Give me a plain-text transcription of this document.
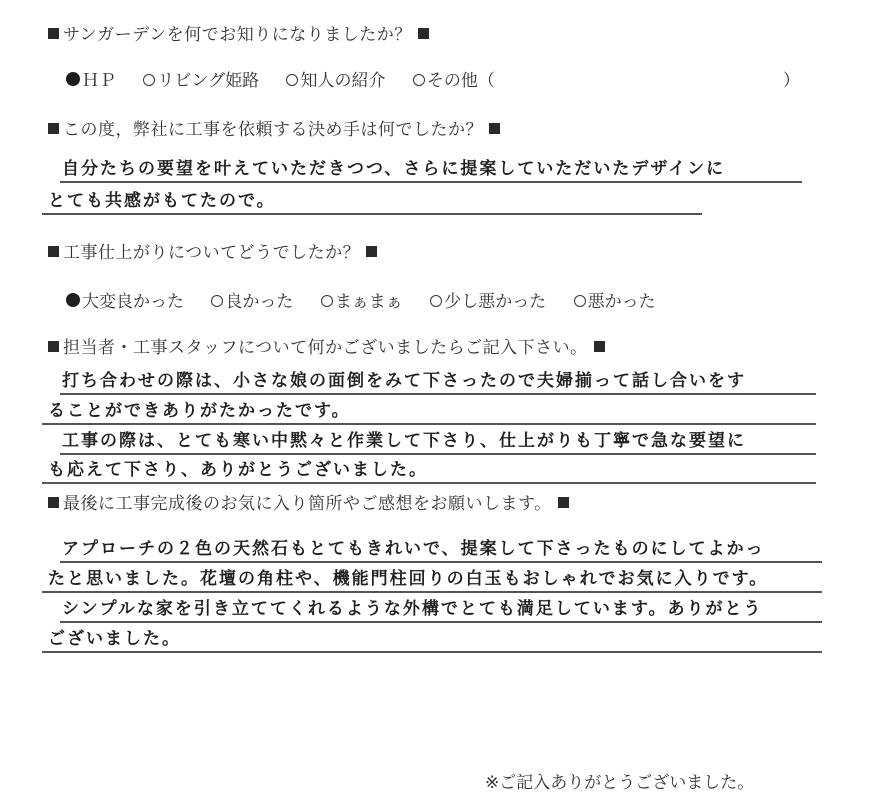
サンガーデンを何でお知りになりましたか？
ＨＰ リビング姫路 知人の紹介 その他（	）
この度，弊社に工事を依頼する決め手は何でしたか？
自分たちの要望を叶えていただきつつ、さらに提案していただいたデザインに
とても共感がもてたので。
工事仕上がりについてどうでしたか？
大変良かった 良かった まぁまぁ 少し悪かった 悪かった
担当者・工事スタッフについて何かございましたらご記入下さい。
打ち合わせの際は、小さな娘の面倒をみて下さったので夫婦揃って話し合いをす
ることができありがたかったです。
工事の際は、とても寒い中黙々と作業して下さり、仕上がりも丁寧で急な要望に
も応えて下さり、ありがとうございました。
最後に工事完成後のお気に入り箇所やご感想をお願いします。
アプローチの２色の天然石もとてもきれいで、提案して下さったものにしてよかっ
たと思いました。花壇の角柱や、機能門柱回りの白玉もおしゃれでお気に入りです。
シンプルな家を引き立ててくれるような外構でとても満足しています。ありがとう
ございました。
※ご記入ありがとうございました。
